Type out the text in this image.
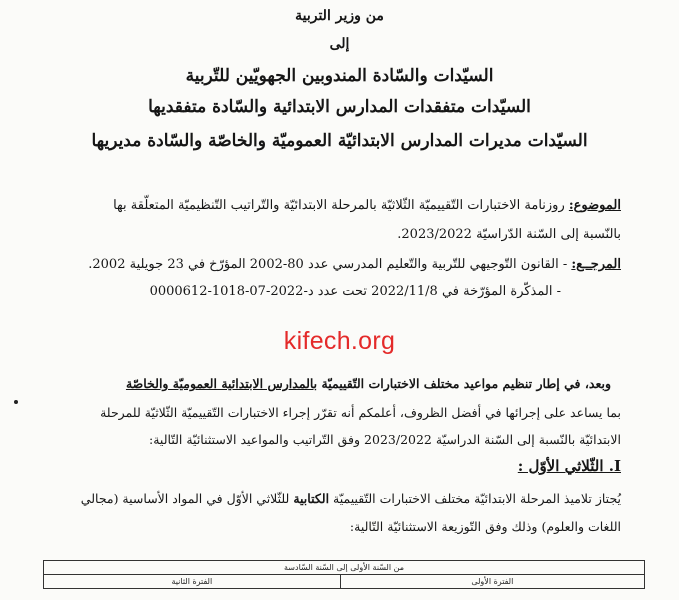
من وزير التربية
إلى
السيّدات والسّادة المندوبين الجهويّين للتّربية
السيّدات متفقدات المدارس الابتدائية والسّادة متفقديها
السيّدات مديرات المدارس الابتدائيّة العموميّة والخاصّة والسّادة مديريها
الموضوع: روزنامة الاختبارات التّقييميّة الثّلاثيّة بالمرحلة الابتدائيّة والتّراتيب التّنظيميّة المتعلّقة بها
بالنّسبة إلى السّنة الدّراسيّة 2023/2022.
المرجــع: - القانون التّوجيهي للتّربية والتّعليم المدرسي عدد 80-2002 المؤرّخ في 23 جويلية 2002.
- المذكّرة المؤرّخة في 2022/11/8 تحت عدد د-2022-07-1018-0000612
kifech.org
وبعد، في إطار تنظيم مواعيد مختلف الاختبارات التّقييميّة بالمدارس الابتدائية العموميّة والخاصّة
بما يساعد على إجرائها في أفضل الظروف، أعلمكم أنه تقرّر إجراء الاختبارات التّقييميّة الثّلاثيّة للمرحلة
الابتدائيّة بالنّسبة إلى السّنة الدراسيّة 2023/2022 وفق التّراتيب والمواعيد الاستثنائيّة التّالية:
I. الثّلاثي الأوّل :
يُجتاز تلاميذ المرحلة الابتدائيّة مختلف الاختبارات التّقييميّة الكتابية للثّلاثي الأوّل في المواد الأساسية (مجالي
اللغات والعلوم) وذلك وفق التّوزيعة الاستثنائيّة التّالية:
من السّنة الأولى إلى السّنة السّادسة
الفترة الأولى	الفترة الثانية
